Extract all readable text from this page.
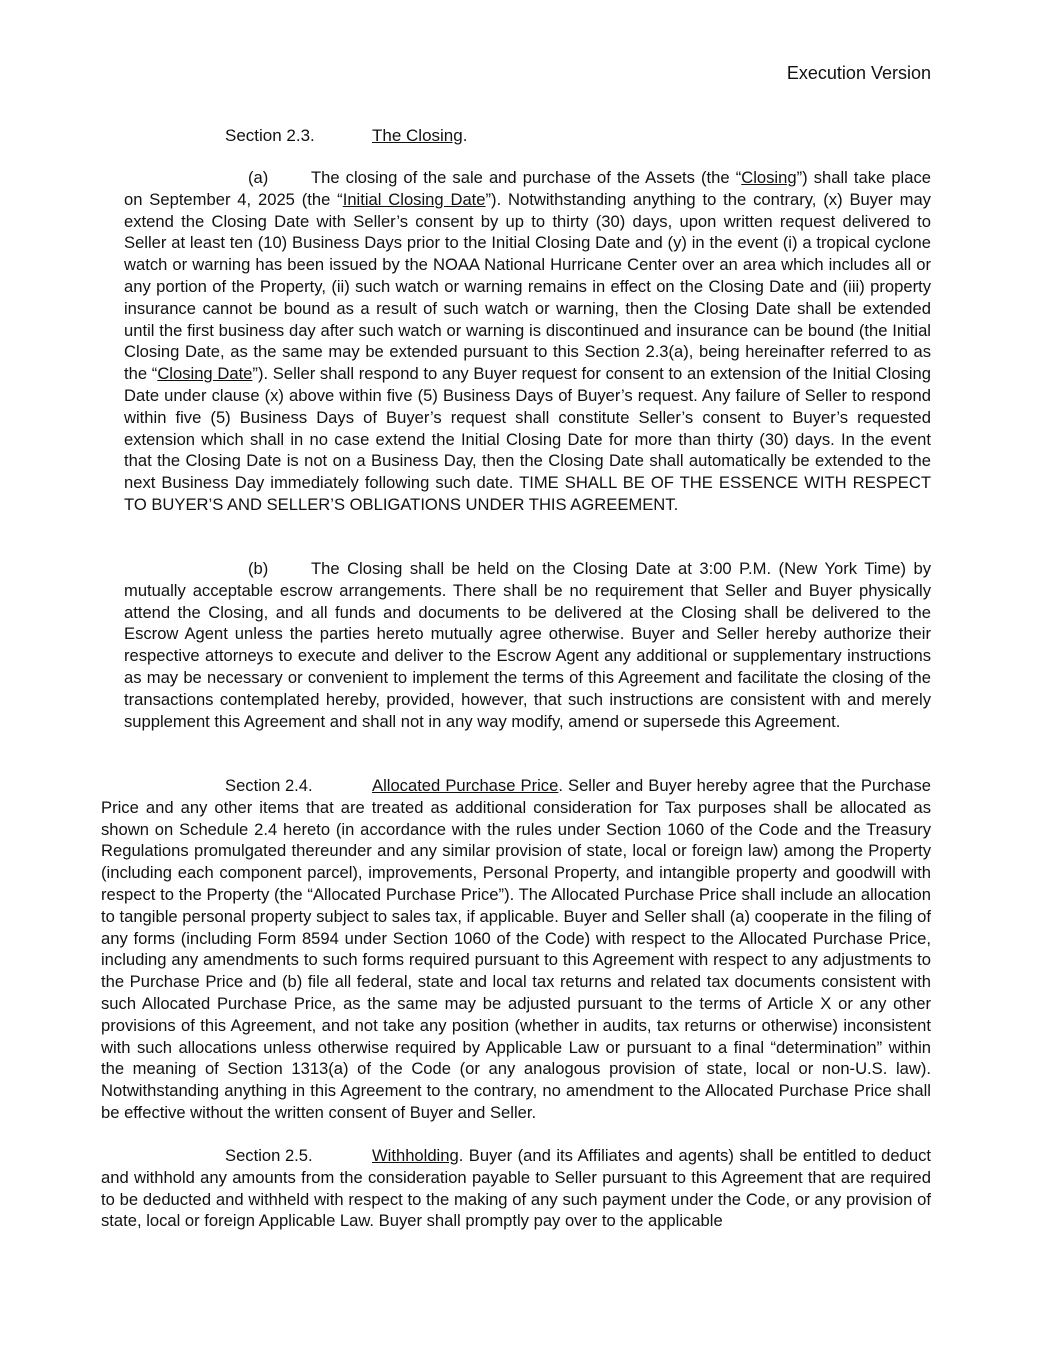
Execution Version
Section 2.3.	The Closing.

(a)	The closing of the sale and purchase of the Assets (the “Closing”) shall take place on September 4, 2025 (the “Initial Closing Date”). Notwithstanding anything to the contrary, (x) Buyer may extend the Closing Date with Seller’s consent by up to thirty (30) days, upon written request delivered to Seller at least ten (10) Business Days prior to the Initial Closing Date and (y) in the event (i) a tropical cyclone watch or warning has been issued by the NOAA National Hurricane Center over an area which includes all or any portion of the Property, (ii) such watch or warning remains in effect on the Closing Date and (iii) property insurance cannot be bound as a result of such watch or warning, then the Closing Date shall be extended until the first business day after such watch or warning is discontinued and insurance can be bound (the Initial Closing Date, as the same may be extended pursuant to this Section 2.3(a), being hereinafter referred to as the “Closing Date”). Seller shall respond to any Buyer request for consent to an extension of the Initial Closing Date under clause (x) above within five (5) Business Days of Buyer’s request. Any failure of Seller to respond within five (5) Business Days of Buyer’s request shall constitute Seller’s consent to Buyer’s requested extension which shall in no case extend the Initial Closing Date for more than thirty (30) days. In the event that the Closing Date is not on a Business Day, then the Closing Date shall automatically be extended to the next Business Day immediately following such date. TIME SHALL BE OF THE ESSENCE WITH RESPECT TO BUYER’S AND SELLER’S OBLIGATIONS UNDER THIS AGREEMENT.

(b)	The Closing shall be held on the Closing Date at 3:00 P.M. (New York Time) by mutually acceptable escrow arrangements. There shall be no requirement that Seller and Buyer physically attend the Closing, and all funds and documents to be delivered at the Closing shall be delivered to the Escrow Agent unless the parties hereto mutually agree otherwise. Buyer and Seller hereby authorize their respective attorneys to execute and deliver to the Escrow Agent any additional or supplementary instructions as may be necessary or convenient to implement the terms of this Agreement and facilitate the closing of the transactions contemplated hereby, provided, however, that such instructions are consistent with and merely supplement this Agreement and shall not in any way modify, amend or supersede this Agreement.

Section 2.4.	Allocated Purchase Price. Seller and Buyer hereby agree that the Purchase Price and any other items that are treated as additional consideration for Tax purposes shall be allocated as shown on Schedule 2.4 hereto (in accordance with the rules under Section 1060 of the Code and the Treasury Regulations promulgated thereunder and any similar provision of state, local or foreign law) among the Property (including each component parcel), improvements, Personal Property, and intangible property and goodwill with respect to the Property (the “Allocated Purchase Price”). The Allocated Purchase Price shall include an allocation to tangible personal property subject to sales tax, if applicable. Buyer and Seller shall (a) cooperate in the filing of any forms (including Form 8594 under Section 1060 of the Code) with respect to the Allocated Purchase Price, including any amendments to such forms required pursuant to this Agreement with respect to any adjustments to the Purchase Price and (b) file all federal, state and local tax returns and related tax documents consistent with such Allocated Purchase Price, as the same may be adjusted pursuant to the terms of Article X or any other provisions of this Agreement, and not take any position (whether in audits, tax returns or otherwise) inconsistent with such allocations unless otherwise required by Applicable Law or pursuant to a final “determination” within the meaning of Section 1313(a) of the Code (or any analogous provision of state, local or non-U.S. law). Notwithstanding anything in this Agreement to the contrary, no amendment to the Allocated Purchase Price shall be effective without the written consent of Buyer and Seller.

Section 2.5.	Withholding. Buyer (and its Affiliates and agents) shall be entitled to deduct and withhold any amounts from the consideration payable to Seller pursuant to this Agreement that are required to be deducted and withheld with respect to the making of any such payment under the Code, or any provision of state, local or foreign Applicable Law. Buyer shall promptly pay over to the applicable
